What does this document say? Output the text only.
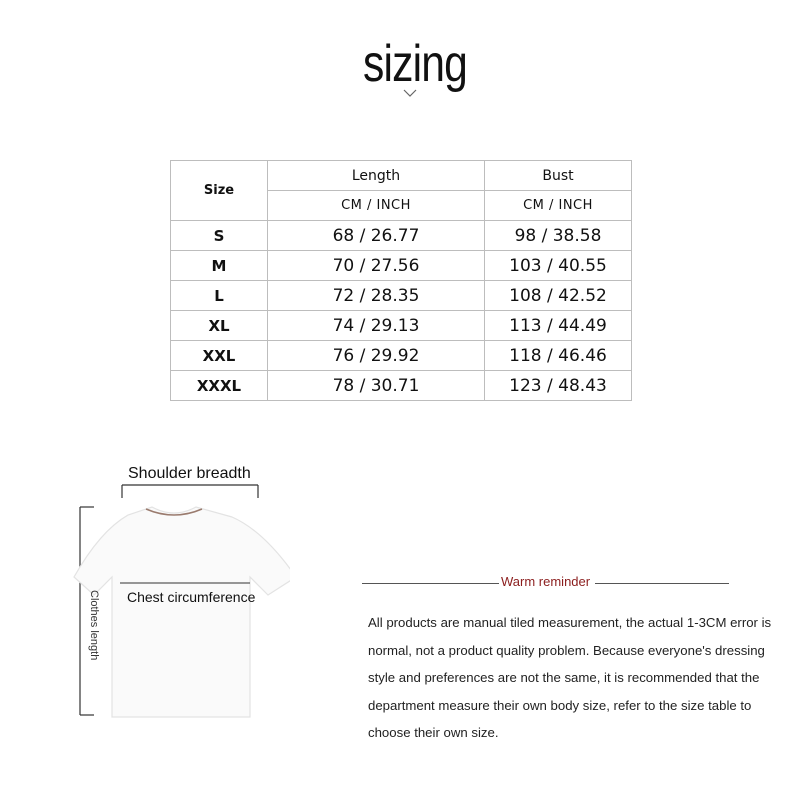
sizing
Size	Length	Bust
	CM / INCH	CM / INCH
S	68 / 26.77	98 / 38.58
M	70 / 27.56	103 / 40.55
L	72 / 28.35	108 / 42.52
XL	74 / 29.13	113 / 44.49
XXL	76 / 29.92	118 / 46.46
XXXL	78 / 30.71	123 / 48.43
Shoulder breadth
Chest circumference
Clothes length
Warm reminder
All products are manual tiled measurement, the actual 1-3CM error is normal, not a product quality problem. Because everyone's dressing style and preferences are not the same, it is recommended that the department measure their own body size, refer to the size table to choose their own size.
